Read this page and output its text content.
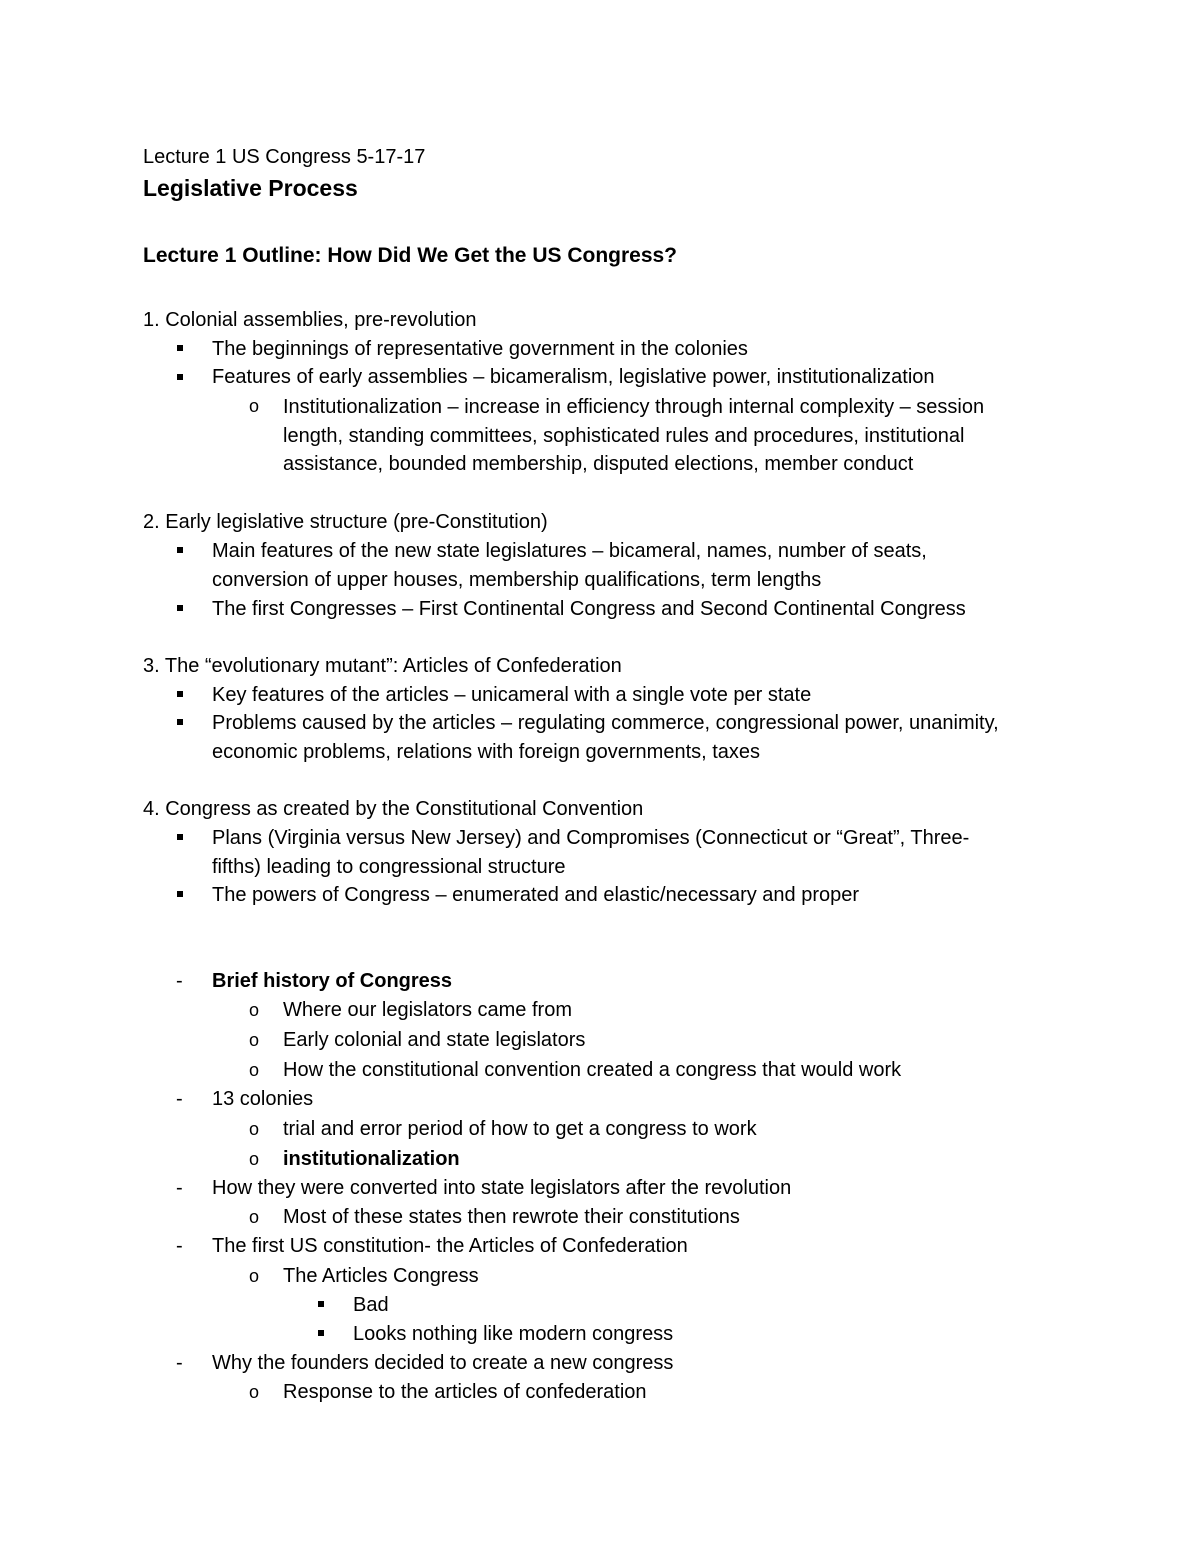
Lecture 1 US Congress 5-17-17
Legislative Process
Lecture 1 Outline: How Did We Get the US Congress?
1. Colonial assemblies, pre-revolution
The beginnings of representative government in the colonies
Features of early assemblies – bicameralism, legislative power, institutionalization
o Institutionalization – increase in efficiency through internal complexity – session
length, standing committees, sophisticated rules and procedures, institutional
assistance, bounded membership, disputed elections, member conduct
2. Early legislative structure (pre-Constitution)
Main features of the new state legislatures – bicameral, names, number of seats,
conversion of upper houses, membership qualifications, term lengths
The first Congresses – First Continental Congress and Second Continental Congress
3. The “evolutionary mutant”: Articles of Confederation
Key features of the articles – unicameral with a single vote per state
Problems caused by the articles – regulating commerce, congressional power, unanimity,
economic problems, relations with foreign governments, taxes
4. Congress as created by the Constitutional Convention
Plans (Virginia versus New Jersey) and Compromises (Connecticut or “Great”, Three-
fifths) leading to congressional structure
The powers of Congress – enumerated and elastic/necessary and proper
- Brief history of Congress
o Where our legislators came from
o Early colonial and state legislators
o How the constitutional convention created a congress that would work
- 13 colonies
o trial and error period of how to get a congress to work
o institutionalization
- How they were converted into state legislators after the revolution
o Most of these states then rewrote their constitutions
- The first US constitution- the Articles of Confederation
o The Articles Congress
Bad
Looks nothing like modern congress
- Why the founders decided to create a new congress
o Response to the articles of confederation
